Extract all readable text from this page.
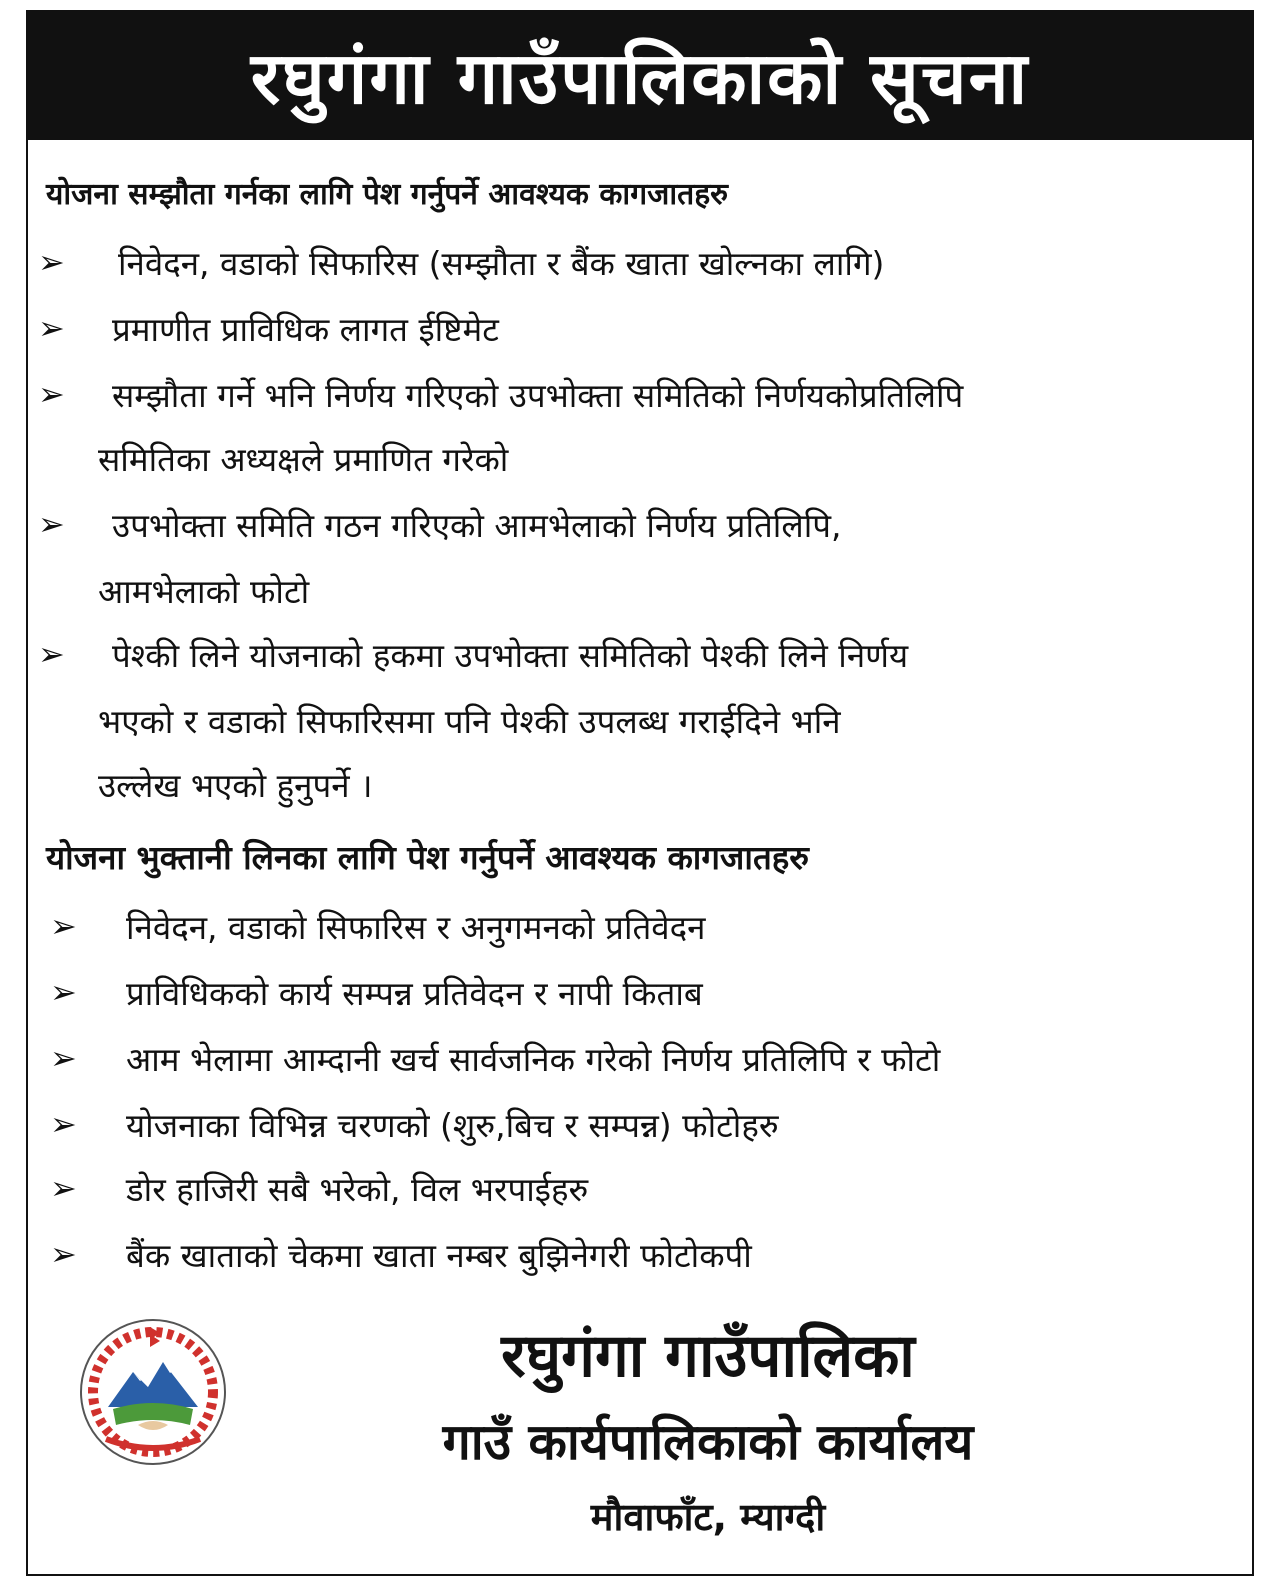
रघुगंगा गाउँपालिकाको सूचना
योजना सम्झौता गर्नका लागि पेश गर्नुपर्ने आवश्यक कागजातहरु
➢ निवेदन, वडाको सिफारिस (सम्झौता र बैंक खाता खोल्नका लागि)
➢ प्रमाणीत प्राविधिक लागत ईष्टिमेट
➢ सम्झौता गर्ने भनि निर्णय गरिएको उपभोक्ता समितिको निर्णयकोप्रतिलिपि
समितिका अध्यक्षले प्रमाणित गरेको
➢ उपभोक्ता समिति गठन गरिएको आमभेलाको निर्णय प्रतिलिपि,
आमभेलाको फोटो
➢ पेश्की लिने योजनाको हकमा उपभोक्ता समितिको पेश्की लिने निर्णय
भएको र वडाको सिफारिसमा पनि पेश्की उपलब्ध गराईदिने भनि
उल्लेख भएको हुनुपर्ने ।
योजना भुक्तानी लिनका लागि पेश गर्नुपर्ने आवश्यक कागजातहरु
➢ निवेदन, वडाको सिफारिस र अनुगमनको प्रतिवेदन
➢ प्राविधिकको कार्य सम्पन्न प्रतिवेदन र नापी किताब
➢ आम भेलामा आम्दानी खर्च सार्वजनिक गरेको निर्णय प्रतिलिपि र फोटो
➢ योजनाका विभिन्न चरणको (शुरु,बिच र सम्पन्न) फोटोहरु
➢ डोर हाजिरी सबै भरेको, विल भरपाईहरु
➢ बैंक खाताको चेकमा खाता नम्बर बुझिनेगरी फोटोकपी
रघुगंगा गाउँपालिका
गाउँ कार्यपालिकाको कार्यालय
मौवाफाँट, म्याग्दी
